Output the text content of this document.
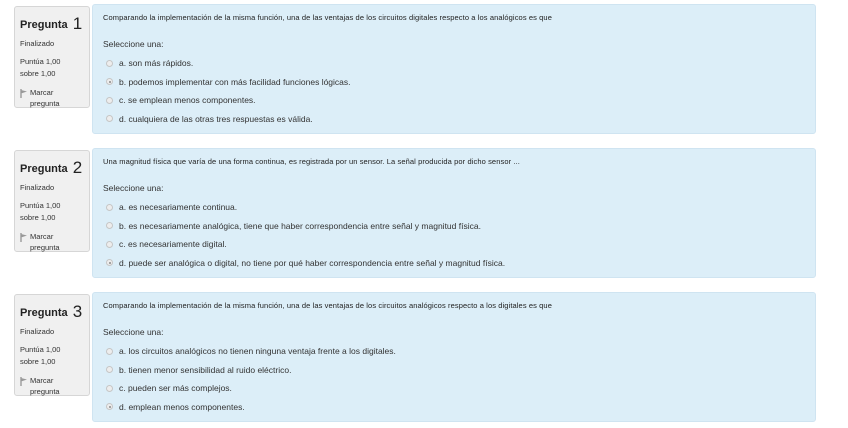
Pregunta 1
Finalizado
Puntúa 1,00
sobre 1,00
Marcar
pregunta
Comparando la implementación de la misma función, una de las ventajas de los circuitos digitales respecto a los analógicos es que
Seleccione una:
a. son más rápidos.
b. podemos implementar con más facilidad funciones lógicas.
c. se emplean menos componentes.
d. cualquiera de las otras tres respuestas es válida.
Pregunta 2
Finalizado
Puntúa 1,00
sobre 1,00
Marcar
pregunta
Una magnitud física que varía de una forma continua, es registrada por un sensor. La señal producida por dicho sensor ...
Seleccione una:
a. es necesariamente continua.
b. es necesariamente analógica, tiene que haber correspondencia entre señal y magnitud física.
c. es necesariamente digital.
d. puede ser analógica o digital, no tiene por qué haber correspondencia entre señal y magnitud física.
Pregunta 3
Finalizado
Puntúa 1,00
sobre 1,00
Marcar
pregunta
Comparando la implementación de la misma función, una de las ventajas de los circuitos analógicos respecto a los digitales es que
Seleccione una:
a. los circuitos analógicos no tienen ninguna ventaja frente a los digitales.
b. tienen menor sensibilidad al ruido eléctrico.
c. pueden ser más complejos.
d. emplean menos componentes.
